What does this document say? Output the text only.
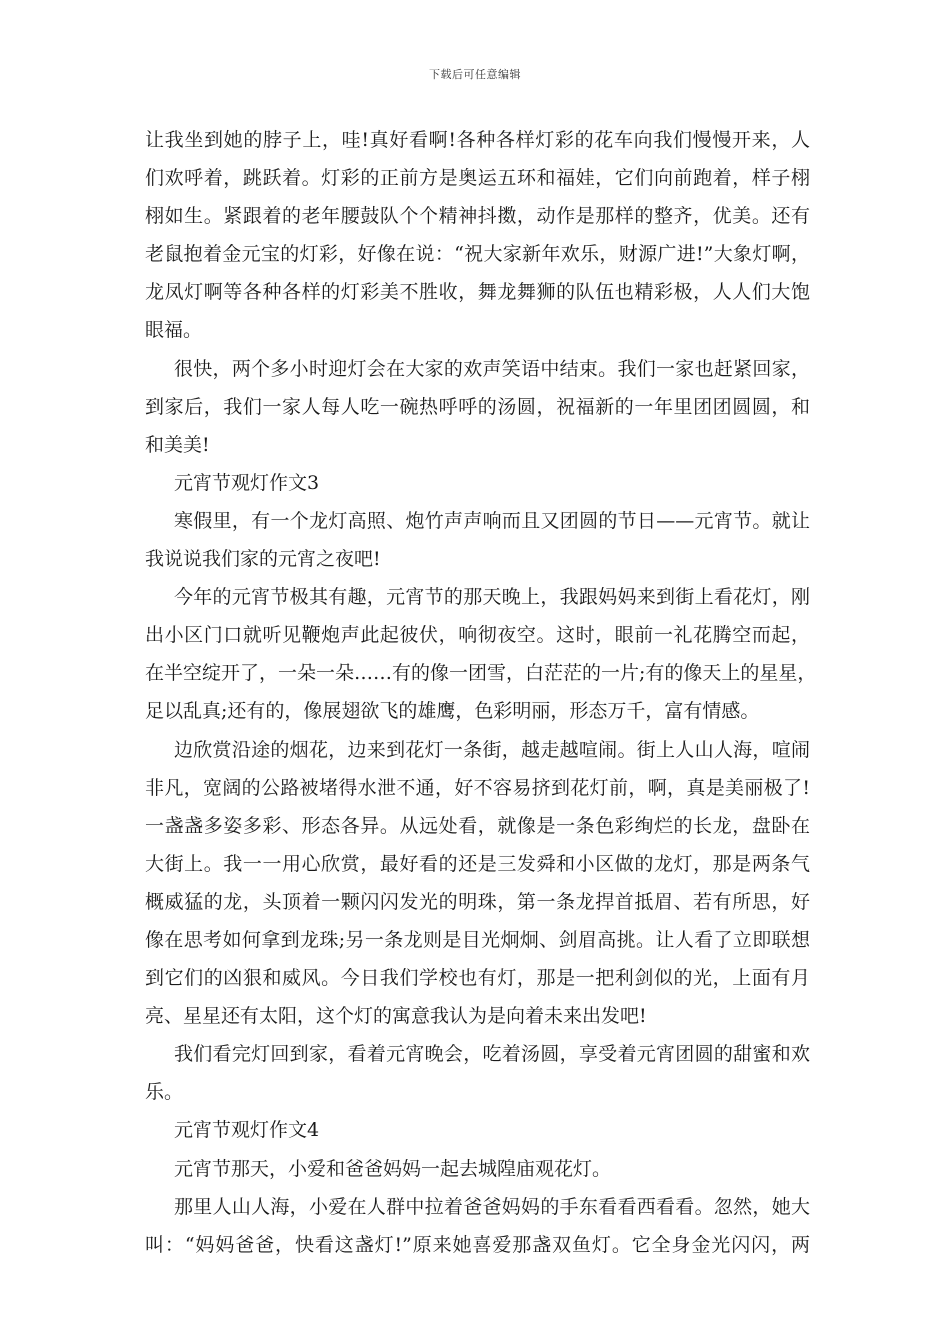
下载后可任意编辑
让我坐到她的脖子上，哇!真好看啊!各种各样灯彩的花车向我们慢慢开来，人
们欢呼着，跳跃着。灯彩的正前方是奥运五环和福娃，它们向前跑着，样子栩
栩如生。紧跟着的老年腰鼓队个个精神抖擞，动作是那样的整齐，优美。还有
老鼠抱着金元宝的灯彩，好像在说：“祝大家新年欢乐，财源广进!”大象灯啊，
龙凤灯啊等各种各样的灯彩美不胜收，舞龙舞狮的队伍也精彩极，人人们大饱
眼福。
很快，两个多小时迎灯会在大家的欢声笑语中结束。我们一家也赶紧回家，
到家后，我们一家人每人吃一碗热呼呼的汤圆，祝福新的一年里团团圆圆，和
和美美!
元宵节观灯作文3
寒假里，有一个龙灯高照、炮竹声声响而且又团圆的节日——元宵节。就让
我说说我们家的元宵之夜吧!
今年的元宵节极其有趣，元宵节的那天晚上，我跟妈妈来到街上看花灯，刚
出小区门口就听见鞭炮声此起彼伏，响彻夜空。这时，眼前一礼花腾空而起，
在半空绽开了，一朵一朵……有的像一团雪，白茫茫的一片;有的像天上的星星，
足以乱真;还有的，像展翅欲飞的雄鹰，色彩明丽，形态万千，富有情感。
边欣赏沿途的烟花，边来到花灯一条街，越走越喧闹。街上人山人海，喧闹
非凡，宽阔的公路被堵得水泄不通，好不容易挤到花灯前，啊，真是美丽极了!
一盏盏多姿多彩、形态各异。从远处看，就像是一条色彩绚烂的长龙，盘卧在
大街上。我一一用心欣赏，最好看的还是三发舜和小区做的龙灯，那是两条气
概威猛的龙，头顶着一颗闪闪发光的明珠，第一条龙捍首抵眉、若有所思，好
像在思考如何拿到龙珠;另一条龙则是目光炯炯、剑眉高挑。让人看了立即联想
到它们的凶狠和威风。今日我们学校也有灯，那是一把利剑似的光，上面有月
亮、星星还有太阳，这个灯的寓意我认为是向着未来出发吧!
我们看完灯回到家，看着元宵晚会，吃着汤圆，享受着元宵团圆的甜蜜和欢
乐。
元宵节观灯作文4
元宵节那天，小爱和爸爸妈妈一起去城隍庙观花灯。
那里人山人海，小爱在人群中拉着爸爸妈妈的手东看看西看看。忽然，她大
叫：“妈妈爸爸，快看这盏灯!”原来她喜爱那盏双鱼灯。它全身金光闪闪，两
